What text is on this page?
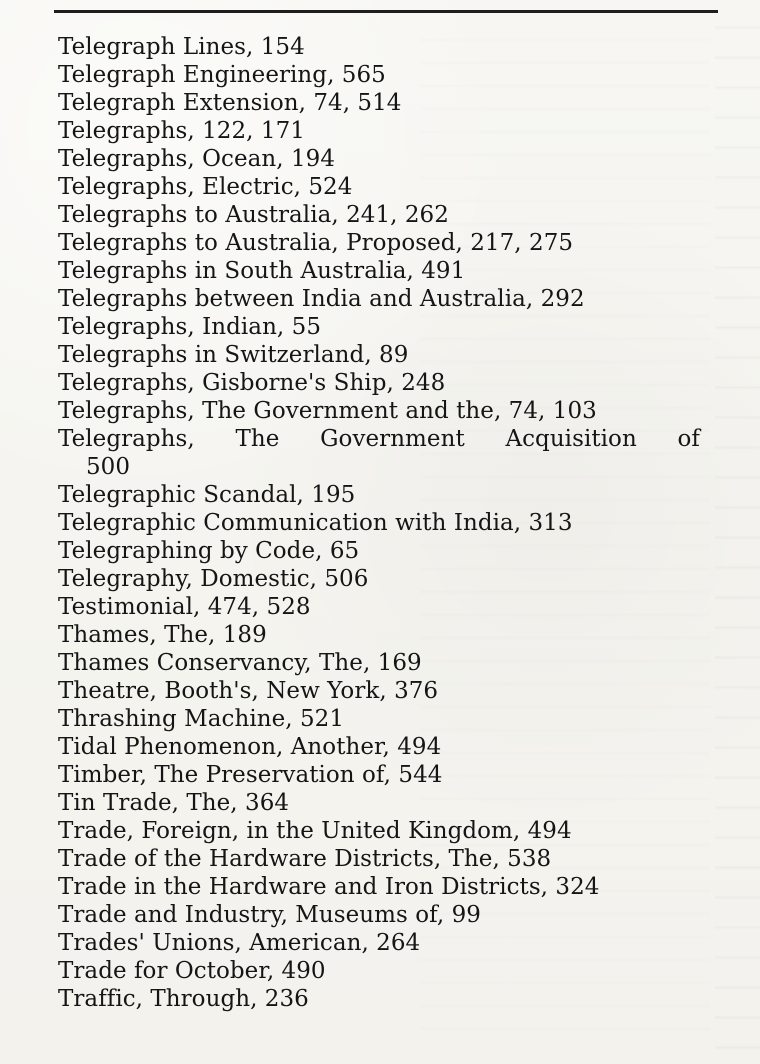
Telegraph Lines, 154
Telegraph Engineering, 565
Telegraph Extension, 74, 514
Telegraphs, 122, 171
Telegraphs, Ocean, 194
Telegraphs, Electric, 524
Telegraphs to Australia, 241, 262
Telegraphs to Australia, Proposed, 217, 275
Telegraphs in South Australia, 491
Telegraphs between India and Australia, 292
Telegraphs, Indian, 55
Telegraphs in Switzerland, 89
Telegraphs, Gisborne's Ship, 248
Telegraphs, The Government and the, 74, 103
Telegraphs, The Government Acquisition of
500
Telegraphic Scandal, 195
Telegraphic Communication with India, 313
Telegraphing by Code, 65
Telegraphy, Domestic, 506
Testimonial, 474, 528
Thames, The, 189
Thames Conservancy, The, 169
Theatre, Booth's, New York, 376
Thrashing Machine, 521
Tidal Phenomenon, Another, 494
Timber, The Preservation of, 544
Tin Trade, The, 364
Trade, Foreign, in the United Kingdom, 494
Trade of the Hardware Districts, The, 538
Trade in the Hardware and Iron Districts, 324
Trade and Industry, Museums of, 99
Trades' Unions, American, 264
Trade for October, 490
Traffic, Through, 236
